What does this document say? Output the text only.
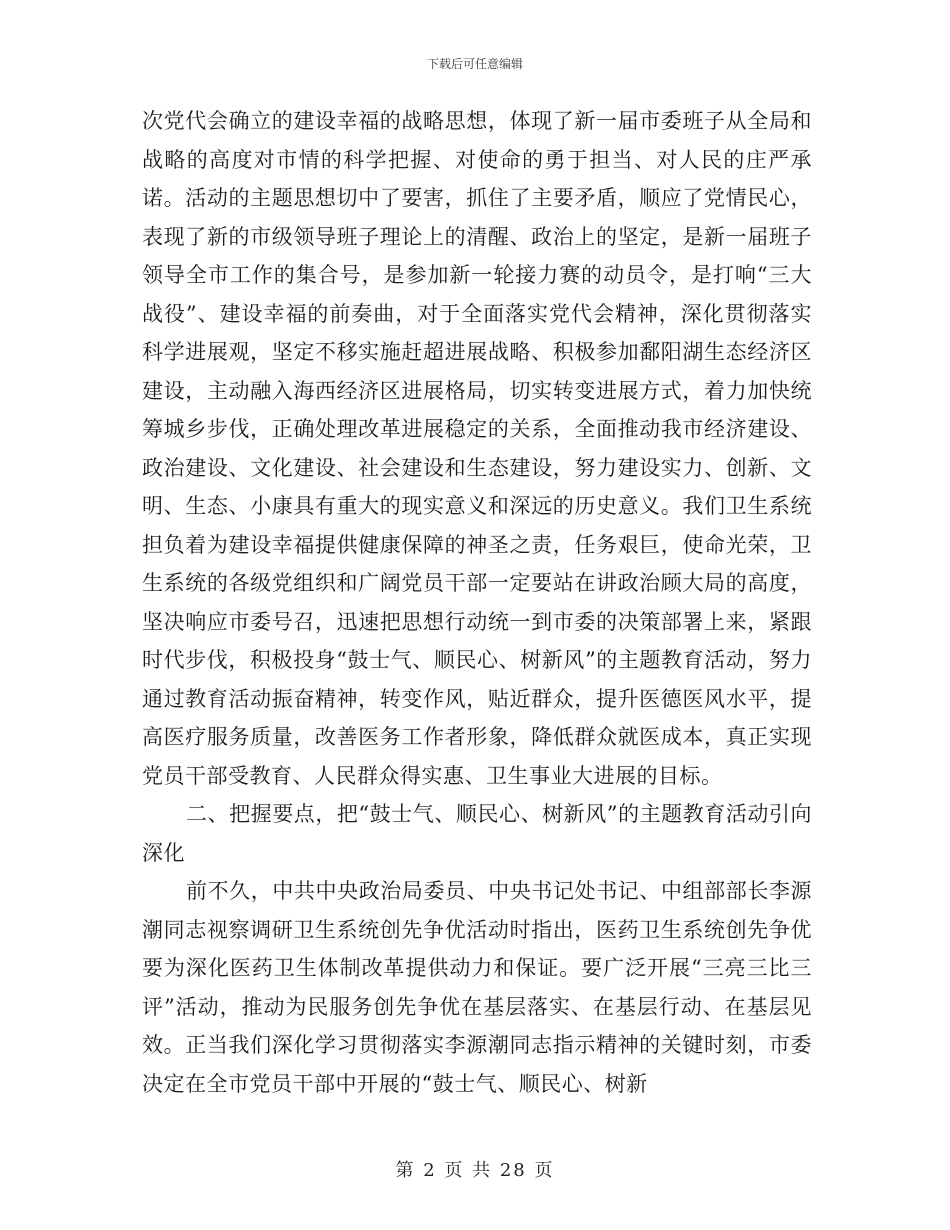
下载后可任意编辑

次党代会确立的建设幸福的战略思想，体现了新一届市委班子从全局和战略的高度对市情的科学把握、对使命的勇于担当、对人民的庄严承诺。活动的主题思想切中了要害，抓住了主要矛盾，顺应了党情民心，表现了新的市级领导班子理论上的清醒、政治上的坚定，是新一届班子领导全市工作的集合号，是参加新一轮接力赛的动员令，是打响“三大战役”、建设幸福的前奏曲，对于全面落实党代会精神，深化贯彻落实科学进展观，坚定不移实施赶超进展战略、积极参加鄱阳湖生态经济区建设，主动融入海西经济区进展格局，切实转变进展方式，着力加快统筹城乡步伐，正确处理改革进展稳定的关系，全面推动我市经济建设、政治建设、文化建设、社会建设和生态建设，努力建设实力、创新、文明、生态、小康具有重大的现实意义和深远的历史意义。我们卫生系统担负着为建设幸福提供健康保障的神圣之责，任务艰巨，使命光荣，卫生系统的各级党组织和广阔党员干部一定要站在讲政治顾大局的高度，坚决响应市委号召，迅速把思想行动统一到市委的决策部署上来，紧跟时代步伐，积极投身“鼓士气、顺民心、树新风”的主题教育活动，努力通过教育活动振奋精神，转变作风，贴近群众，提升医德医风水平，提高医疗服务质量，改善医务工作者形象，降低群众就医成本，真正实现党员干部受教育、人民群众得实惠、卫生事业大进展的目标。

二、把握要点，把“鼓士气、顺民心、树新风”的主题教育活动引向深化

前不久，中共中央政治局委员、中央书记处书记、中组部部长李源潮同志视察调研卫生系统创先争优活动时指出，医药卫生系统创先争优要为深化医药卫生体制改革提供动力和保证。要广泛开展“三亮三比三评”活动，推动为民服务创先争优在基层落实、在基层行动、在基层见效。正当我们深化学习贯彻落实李源潮同志指示精神的关键时刻，市委决定在全市党员干部中开展的“鼓士气、顺民心、树新

第 2 页 共 28 页
